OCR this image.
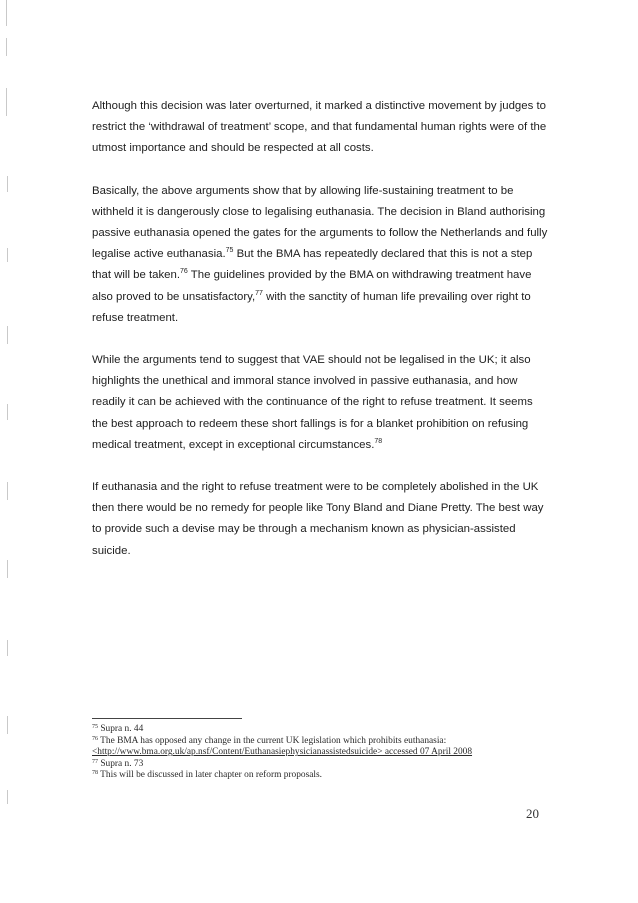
Although this decision was later overturned, it marked a distinctive movement by judges to restrict the ‘withdrawal of treatment’ scope, and that fundamental human rights were of the utmost importance and should be respected at all costs.

Basically, the above arguments show that by allowing life-sustaining treatment to be withheld it is dangerously close to legalising euthanasia. The decision in Bland authorising passive euthanasia opened the gates for the arguments to follow the Netherlands and fully legalise active euthanasia.$^{75}$ But the BMA has repeatedly declared that this is not a step that will be taken.$^{76}$ The guidelines provided by the BMA on withdrawing treatment have also proved to be unsatisfactory,$^{77}$ with the sanctity of human life prevailing over right to refuse treatment.

While the arguments tend to suggest that VAE should not be legalised in the UK; it also highlights the unethical and immoral stance involved in passive euthanasia, and how readily it can be achieved with the continuance of the right to refuse treatment. It seems the best approach to redeem these short fallings is for a blanket prohibition on refusing medical treatment, except in exceptional circumstances.$^{78}$

If euthanasia and the right to refuse treatment were to be completely abolished in the UK then there would be no remedy for people like Tony Bland and Diane Pretty. The best way to provide such a devise may be through a mechanism known as physician-assisted suicide.

$^{75}$ Supra n. 44
$^{76}$ The BMA has opposed any change in the current UK legislation which prohibits euthanasia:
<http://www.bma.org.uk/ap.nsf/Content/Euthanasiephysicianassistedsuicide> accessed 07 April 2008
$^{77}$ Supra n. 73
$^{78}$ This will be discussed in later chapter on reform proposals.
20
